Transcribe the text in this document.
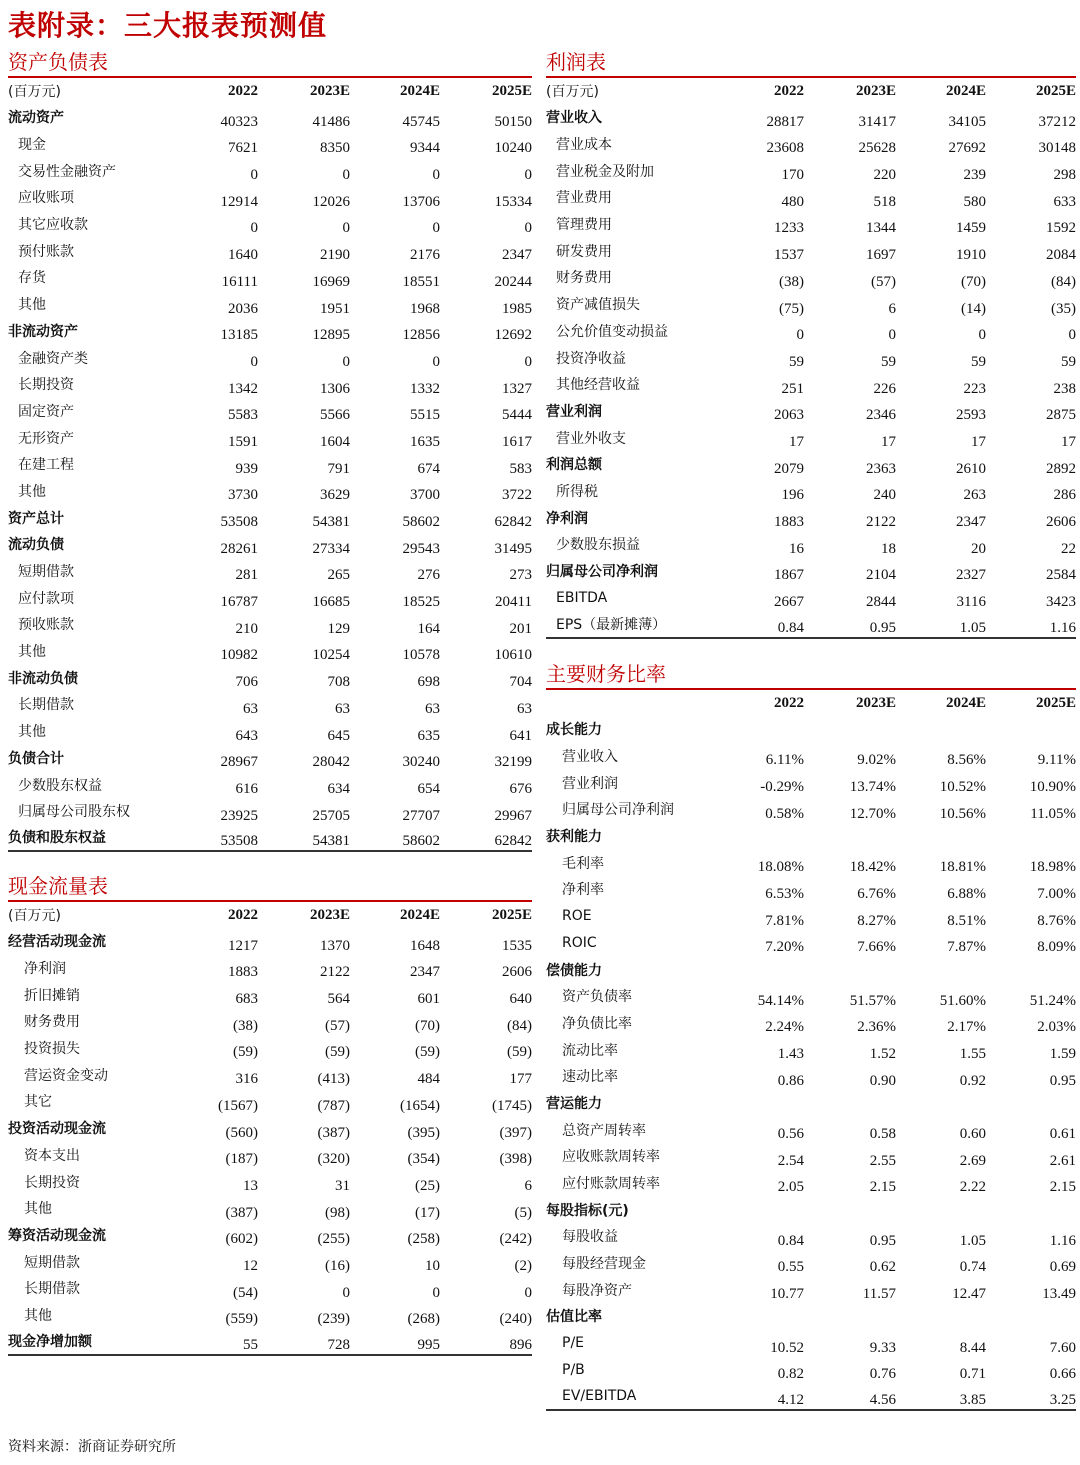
表附录：三大报表预测值
资产负债表
(百万元)	2022	2023E	2024E	2025E
流动资产	40323	41486	45745	50150
现金	7621	8350	9344	10240
交易性金融资产	0	0	0	0
应收账项	12914	12026	13706	15334
其它应收款	0	0	0	0
预付账款	1640	2190	2176	2347
存货	16111	16969	18551	20244
其他	2036	1951	1968	1985
非流动资产	13185	12895	12856	12692
金融资产类	0	0	0	0
长期投资	1342	1306	1332	1327
固定资产	5583	5566	5515	5444
无形资产	1591	1604	1635	1617
在建工程	939	791	674	583
其他	3730	3629	3700	3722
资产总计	53508	54381	58602	62842
流动负债	28261	27334	29543	31495
短期借款	281	265	276	273
应付款项	16787	16685	18525	20411
预收账款	210	129	164	201
其他	10982	10254	10578	10610
非流动负债	706	708	698	704
长期借款	63	63	63	63
其他	643	645	635	641
负债合计	28967	28042	30240	32199
少数股东权益	616	634	654	676
归属母公司股东权	23925	25705	27707	29967
负债和股东权益	53508	54381	58602	62842
现金流量表
(百万元)	2022	2023E	2024E	2025E
经营活动现金流	1217	1370	1648	1535
净利润	1883	2122	2347	2606
折旧摊销	683	564	601	640
财务费用	(38)	(57)	(70)	(84)
投资损失	(59)	(59)	(59)	(59)
营运资金变动	316	(413)	484	177
其它	(1567)	(787)	(1654)	(1745)
投资活动现金流	(560)	(387)	(395)	(397)
资本支出	(187)	(320)	(354)	(398)
长期投资	13	31	(25)	6
其他	(387)	(98)	(17)	(5)
筹资活动现金流	(602)	(255)	(258)	(242)
短期借款	12	(16)	10	(2)
长期借款	(54)	0	0	0
其他	(559)	(239)	(268)	(240)
现金净增加额	55	728	995	896
利润表
(百万元)	2022	2023E	2024E	2025E
营业收入	28817	31417	34105	37212
营业成本	23608	25628	27692	30148
营业税金及附加	170	220	239	298
营业费用	480	518	580	633
管理费用	1233	1344	1459	1592
研发费用	1537	1697	1910	2084
财务费用	(38)	(57)	(70)	(84)
资产减值损失	(75)	6	(14)	(35)
公允价值变动损益	0	0	0	0
投资净收益	59	59	59	59
其他经营收益	251	226	223	238
营业利润	2063	2346	2593	2875
营业外收支	17	17	17	17
利润总额	2079	2363	2610	2892
所得税	196	240	263	286
净利润	1883	2122	2347	2606
少数股东损益	16	18	20	22
归属母公司净利润	1867	2104	2327	2584
EBITDA	2667	2844	3116	3423
EPS（最新摊薄）	0.84	0.95	1.05	1.16
主要财务比率
	2022	2023E	2024E	2025E
成长能力				
营业收入	6.11%	9.02%	8.56%	9.11%
营业利润	-0.29%	13.74%	10.52%	10.90%
归属母公司净利润	0.58%	12.70%	10.56%	11.05%
获利能力				
毛利率	18.08%	18.42%	18.81%	18.98%
净利率	6.53%	6.76%	6.88%	7.00%
ROE	7.81%	8.27%	8.51%	8.76%
ROIC	7.20%	7.66%	7.87%	8.09%
偿债能力				
资产负债率	54.14%	51.57%	51.60%	51.24%
净负债比率	2.24%	2.36%	2.17%	2.03%
流动比率	1.43	1.52	1.55	1.59
速动比率	0.86	0.90	0.92	0.95
营运能力				
总资产周转率	0.56	0.58	0.60	0.61
应收账款周转率	2.54	2.55	2.69	2.61
应付账款周转率	2.05	2.15	2.22	2.15
每股指标(元)				
每股收益	0.84	0.95	1.05	1.16
每股经营现金	0.55	0.62	0.74	0.69
每股净资产	10.77	11.57	12.47	13.49
估值比率				
P/E	10.52	9.33	8.44	7.60
P/B	0.82	0.76	0.71	0.66
EV/EBITDA	4.12	4.56	3.85	3.25
资料来源：浙商证券研究所
